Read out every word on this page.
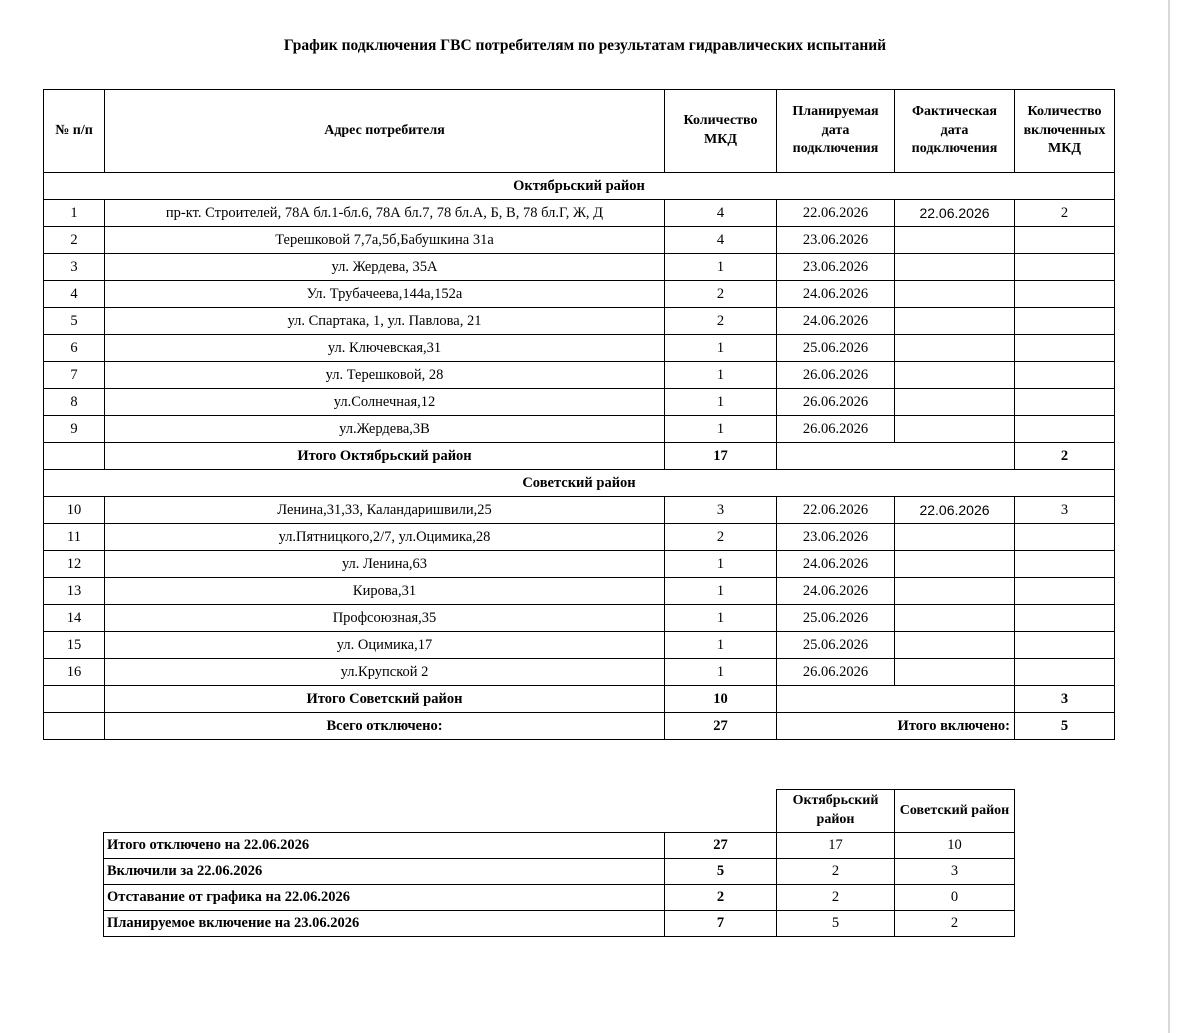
График подключения ГВС потребителям по результатам гидравлических испытаний
№ п/п	Адрес потребителя	Количество МКД	Планируемая дата подключения	Фактическая дата подключения	Количество включенных МКД
Октябрьский район					
1	пр-кт. Строителей, 78А бл.1-бл.6, 78А бл.7, 78 бл.А, Б, В, 78 бл.Г, Ж, Д	4	22.06.2026	22.06.2026	2
2	Терешковой 7,7а,5б,Бабушкина 31а	4	23.06.2026		
3	ул. Жердева, 35А	1	23.06.2026		
4	Ул. Трубачеева,144а,152а	2	24.06.2026		
5	ул. Спартака, 1, ул. Павлова, 21	2	24.06.2026		
6	ул. Ключевская,31	1	25.06.2026		
7	ул. Терешковой, 28	1	26.06.2026		
8	ул.Солнечная,12	1	26.06.2026		
9	ул.Жердева,3В	1	26.06.2026		
	Итого Октябрьский район	17			2
Советский район					
10	Ленина,31,33, Каландаришвили,25	3	22.06.2026	22.06.2026	3
11	ул.Пятницкого,2/7, ул.Оцимика,28	2	23.06.2026		
12	ул. Ленина,63	1	24.06.2026		
13	Кирова,31	1	24.06.2026		
14	Профсоюзная,35	1	25.06.2026		
15	ул. Оцимика,17	1	25.06.2026		
16	ул.Крупской 2	1	26.06.2026		
	Итого Советский район	10			3
	Всего отключено:	27	Итого включено:		5
		Октябрьский район	Советский район
Итого отключено на 22.06.2026	27	17	10
Включили за 22.06.2026	5	2	3
Отставание от графика на 22.06.2026	2	2	0
Планируемое включение на 23.06.2026	7	5	2
